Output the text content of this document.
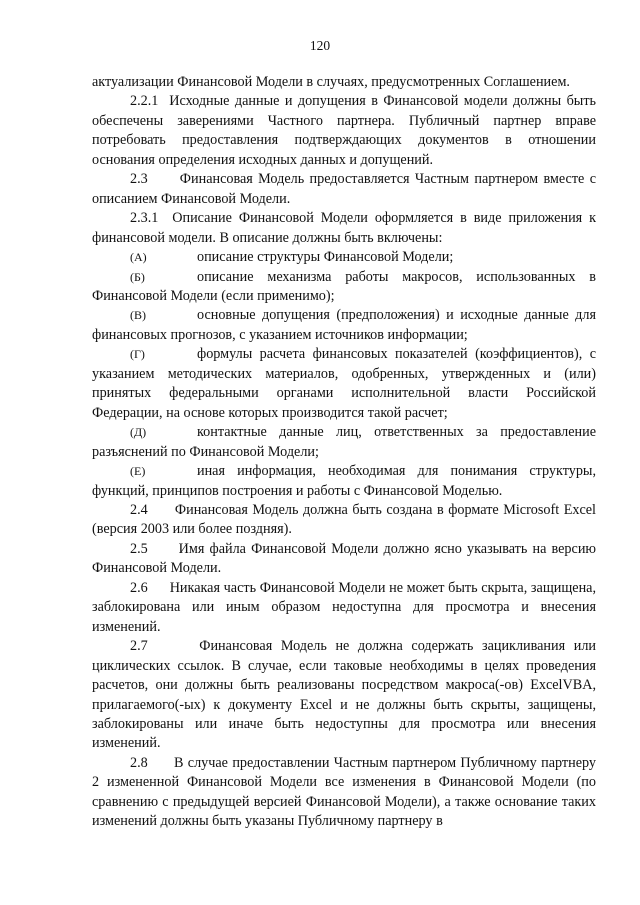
120

актуализации Финансовой Модели в случаях, предусмотренных Соглашением.

2.2.1 Исходные данные и допущения в Финансовой модели должны быть обеспечены заверениями Частного партнера. Публичный партнер вправе потребовать предоставления подтверждающих документов в отношении основания определения исходных данных и допущений.

2.3 Финансовая Модель предоставляется Частным партнером вместе с описанием Финансовой Модели.

2.3.1 Описание Финансовой Модели оформляется в виде приложения к финансовой модели. В описание должны быть включены:

(А)	описание структуры Финансовой Модели;

(Б)	описание механизма работы макросов, использованных в Финансовой Модели (если применимо);

(В)	основные допущения (предположения) и исходные данные для финансовых прогнозов, с указанием источников информации;

(Г)	формулы расчета финансовых показателей (коэффициентов), с указанием методических материалов, одобренных, утвержденных и (или) принятых федеральными органами исполнительной власти Российской Федерации, на основе которых производится такой расчет;

(Д)	контактные данные лиц, ответственных за предоставление разъяснений по Финансовой Модели;

(Е)	иная информация, необходимая для понимания структуры, функций, принципов построения и работы с Финансовой Моделью.

2.4 Финансовая Модель должна быть создана в формате Microsoft Excel (версия 2003 или более поздняя).

2.5 Имя файла Финансовой Модели должно ясно указывать на версию Финансовой Модели.

2.6 Никакая часть Финансовой Модели не может быть скрыта, защищена, заблокирована или иным образом недоступна для просмотра и внесения изменений.

2.7	Финансовая Модель не должна содержать зацикливания или циклических ссылок. В случае, если таковые необходимы в целях проведения расчетов, они должны быть реализованы посредством макроса(-ов) ExcelVBA, прилагаемого(-ых) к документу Excel и не должны быть скрыты, защищены, заблокированы или иначе быть недоступны для просмотра или внесения изменений.

2.8 В случае предоставлении Частным партнером Публичному партнеру 2 измененной Финансовой Модели все изменения в Финансовой Модели (по сравнению с предыдущей версией Финансовой Модели), а также основание таких изменений должны быть указаны Публичному партнеру в
